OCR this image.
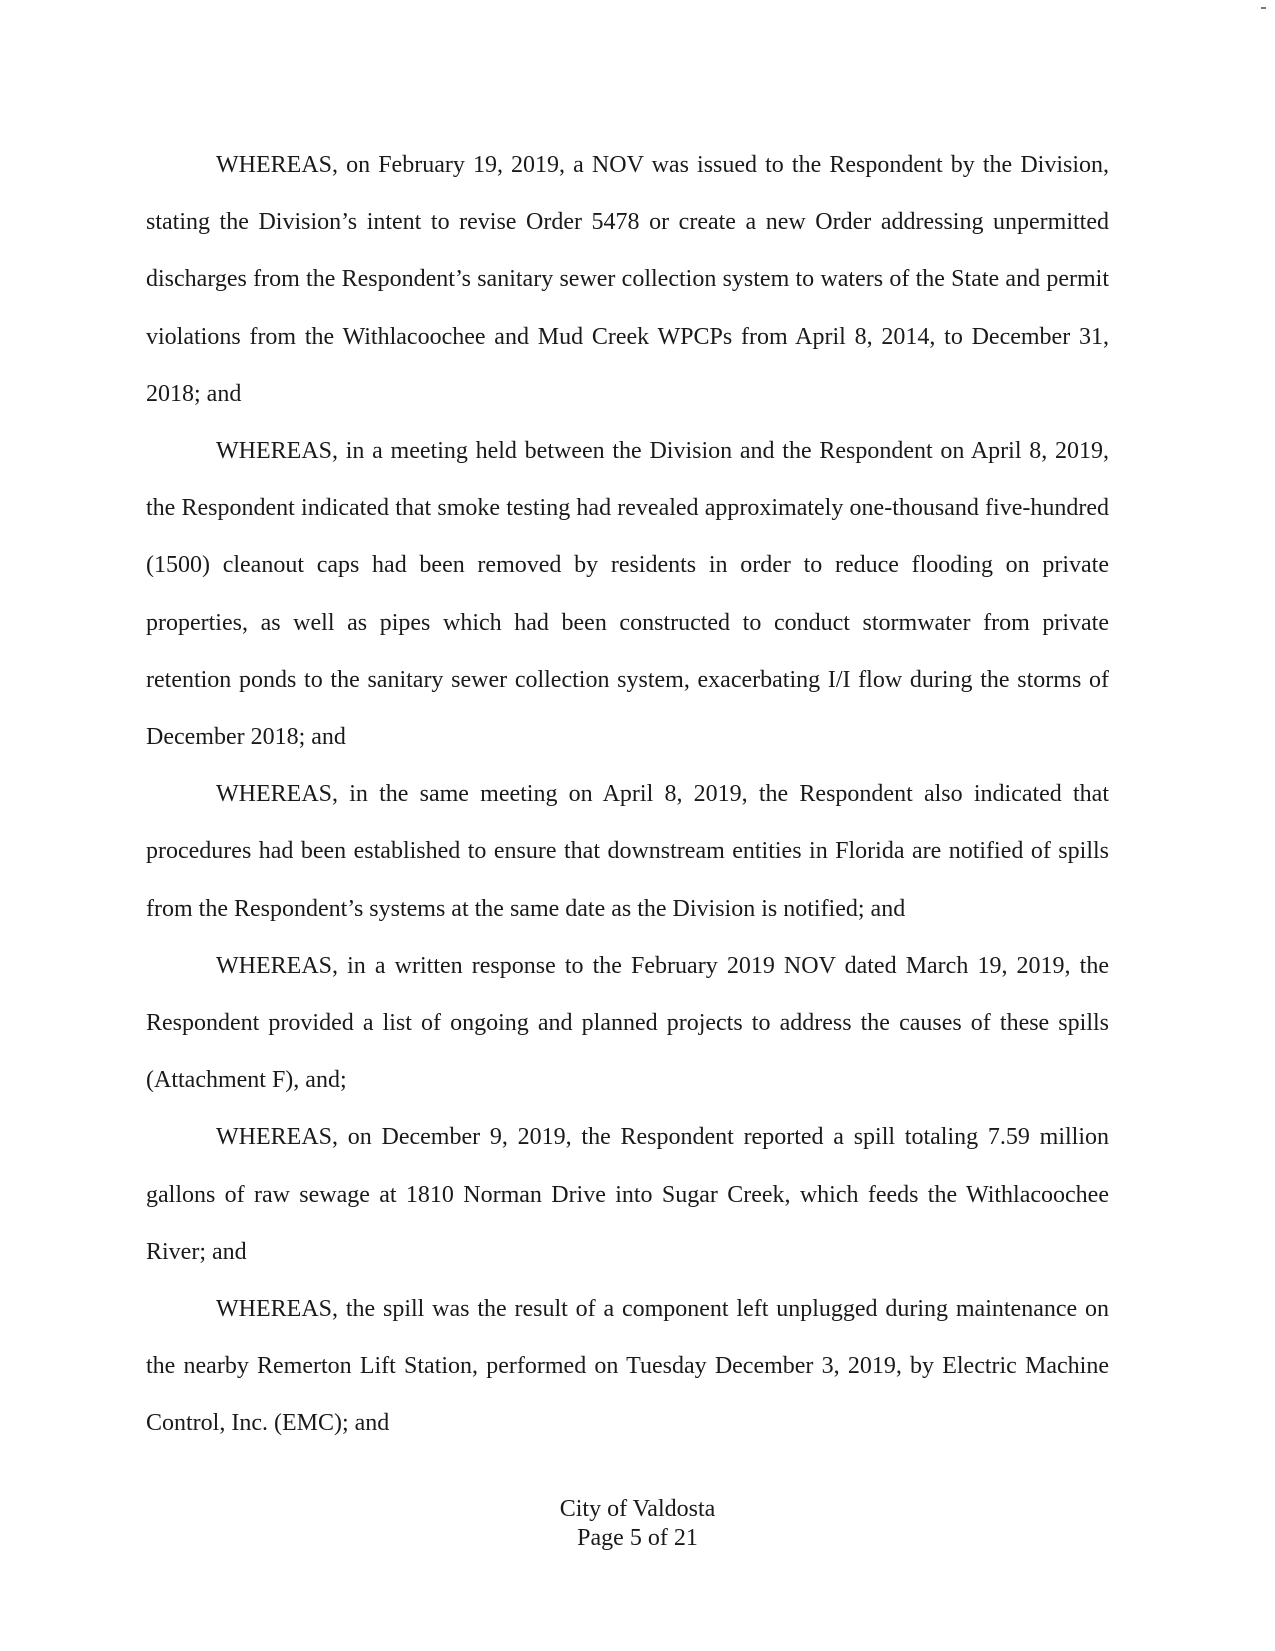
WHEREAS, on February 19, 2019, a NOV was issued to the Respondent by the Division, stating the Division’s intent to revise Order 5478 or create a new Order addressing unpermitted discharges from the Respondent’s sanitary sewer collection system to waters of the State and permit violations from the Withlacoochee and Mud Creek WPCPs from April 8, 2014, to December 31, 2018; and

WHEREAS, in a meeting held between the Division and the Respondent on April 8, 2019, the Respondent indicated that smoke testing had revealed approximately one-thousand five-hundred (1500) cleanout caps had been removed by residents in order to reduce flooding on private properties, as well as pipes which had been constructed to conduct stormwater from private retention ponds to the sanitary sewer collection system, exacerbating I/I flow during the storms of December 2018; and

WHEREAS, in the same meeting on April 8, 2019, the Respondent also indicated that procedures had been established to ensure that downstream entities in Florida are notified of spills from the Respondent’s systems at the same date as the Division is notified; and

WHEREAS, in a written response to the February 2019 NOV dated March 19, 2019, the Respondent provided a list of ongoing and planned projects to address the causes of these spills (Attachment F), and;

WHEREAS, on December 9, 2019, the Respondent reported a spill totaling 7.59 million gallons of raw sewage at 1810 Norman Drive into Sugar Creek, which feeds the Withlacoochee River; and

WHEREAS, the spill was the result of a component left unplugged during maintenance on the nearby Remerton Lift Station, performed on Tuesday December 3, 2019, by Electric Machine Control, Inc. (EMC); and

City of Valdosta
Page 5 of 21
